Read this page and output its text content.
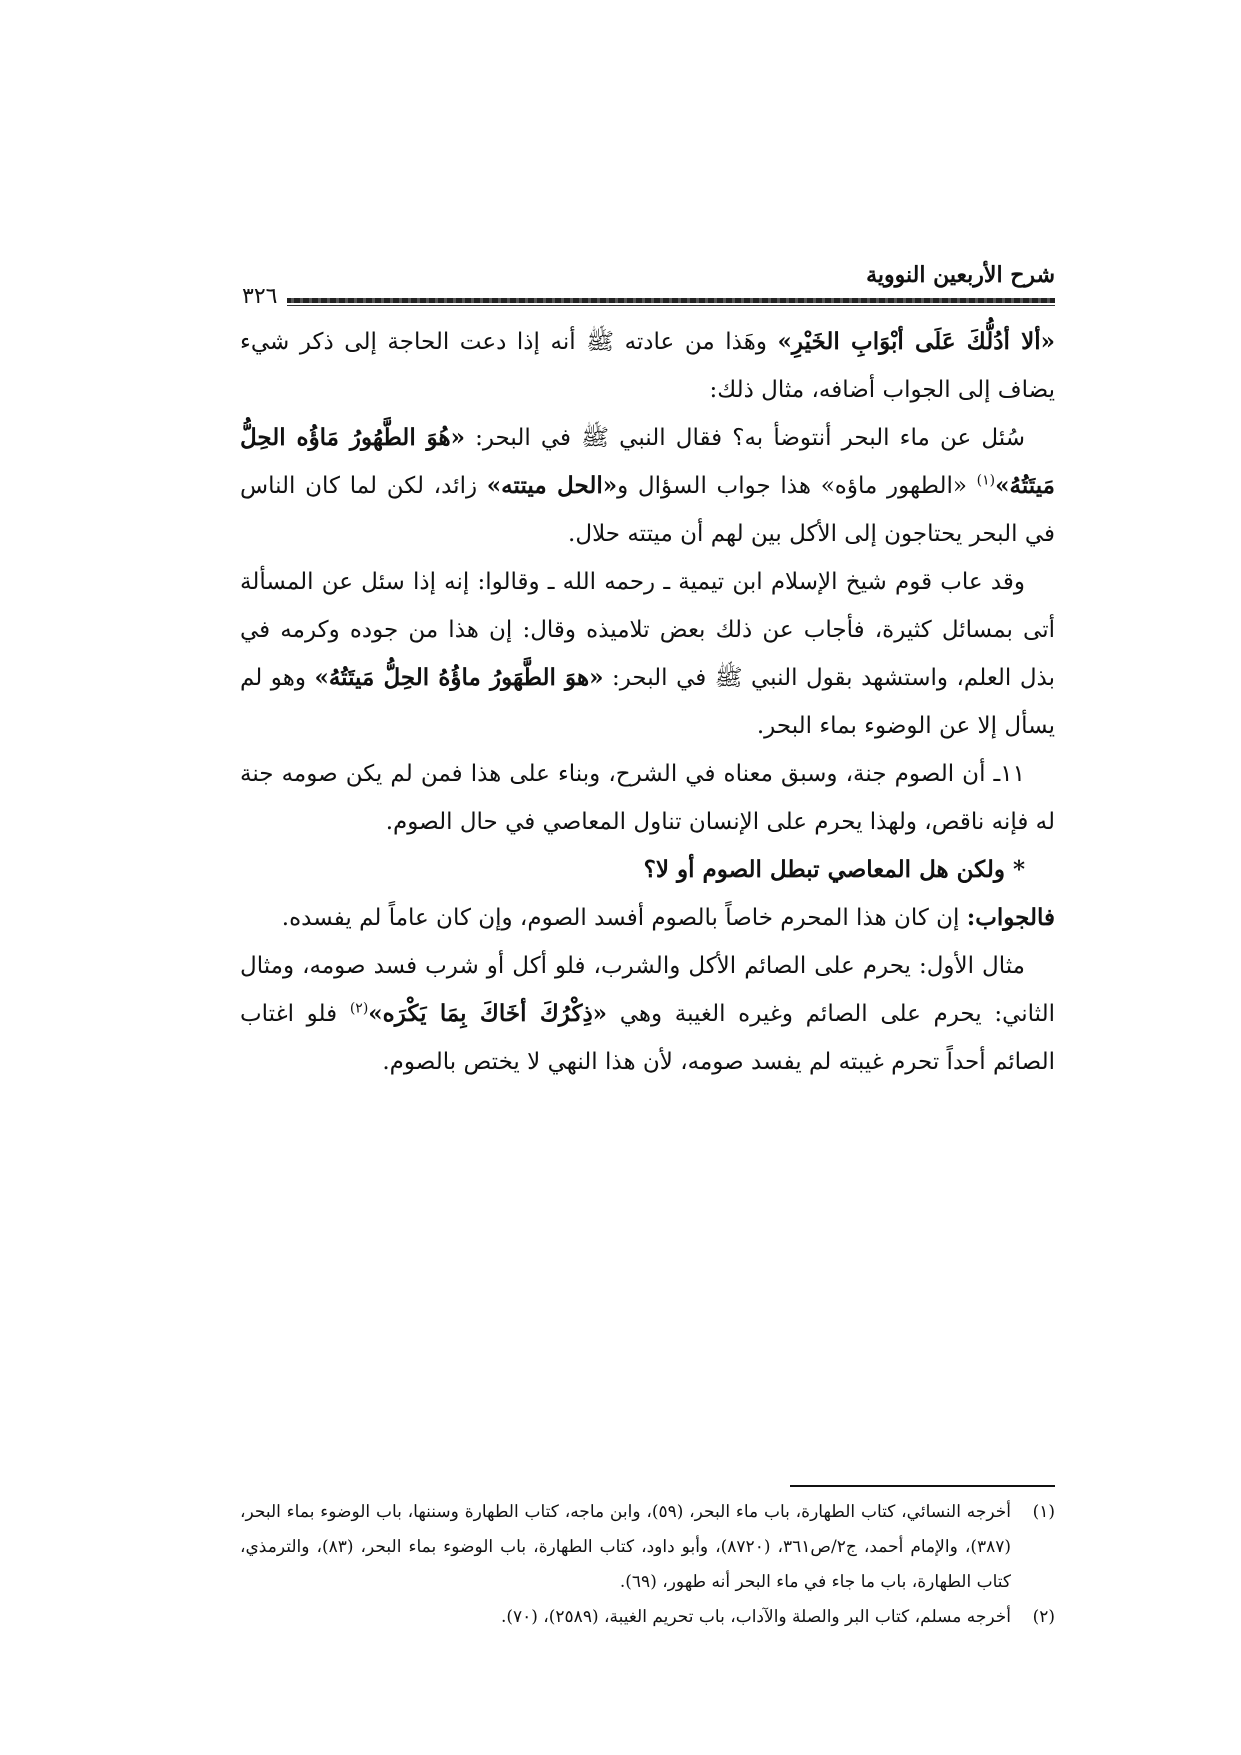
شرح الأربعين النووية
٣٢٦

«ألا أدُلُّكَ عَلَى أبْوَابِ الخَيْرِ» وهَذا من عادته ﷺ أنه إذا دعت الحاجة إلى ذكر شيء يضاف إلى الجواب أضافه، مثال ذلك:

سُئل عن ماء البحر أنتوضأ به؟ فقال النبي ﷺ في البحر: «هُوَ الطَّهُورُ مَاؤُه الحِلُّ مَيتَتُهُ»$^{(١)}$ «الطهور ماؤه» هذا جواب السؤال و«الحل ميتته» زائد، لكن لما كان الناس في البحر يحتاجون إلى الأكل بين لهم أن ميتته حلال.

وقد عاب قوم شيخ الإسلام ابن تيمية ـ رحمه الله ـ وقالوا: إنه إذا سئل عن المسألة أتى بمسائل كثيرة، فأجاب عن ذلك بعض تلاميذه وقال: إن هذا من جوده وكرمه في بذل العلم، واستشهد بقول النبي ﷺ في البحر: «هوَ الطَّهَورُ ماؤُهُ الحِلُّ مَيتَتُهُ» وهو لم يسأل إلا عن الوضوء بماء البحر.

١١ـ أن الصوم جنة، وسبق معناه في الشرح، وبناء على هذا فمن لم يكن صومه جنة له فإنه ناقص، ولهذا يحرم على الإنسان تناول المعاصي في حال الصوم.

* ولكن هل المعاصي تبطل الصوم أو لا؟

فالجواب: إن كان هذا المحرم خاصاً بالصوم أفسد الصوم، وإن كان عاماً لم يفسده.

مثال الأول: يحرم على الصائم الأكل والشرب، فلو أكل أو شرب فسد صومه، ومثال الثاني: يحرم على الصائم وغيره الغيبة وهي «ذِكْرُكَ أخَاكَ بِمَا يَكْرَه»$^{(٢)}$ فلو اغتاب الصائم أحداً تحرم غيبته لم يفسد صومه، لأن هذا النهي لا يختص بالصوم.

(١)
أخرجه النسائي، كتاب الطهارة، باب ماء البحر، (٥٩)، وابن ماجه، كتاب الطهارة وسننها، باب الوضوء بماء البحر، (٣٨٧)، والإمام أحمد، ج٢/ص٣٦١، (٨٧٢٠)، وأبو داود، كتاب الطهارة، باب الوضوء بماء البحر، (٨٣)، والترمذي، كتاب الطهارة، باب ما جاء في ماء البحر أنه طهور، (٦٩).
(٢)
أخرجه مسلم، كتاب البر والصلة والآداب، باب تحريم الغيبة، (٢٥٨٩)، (٧٠).
